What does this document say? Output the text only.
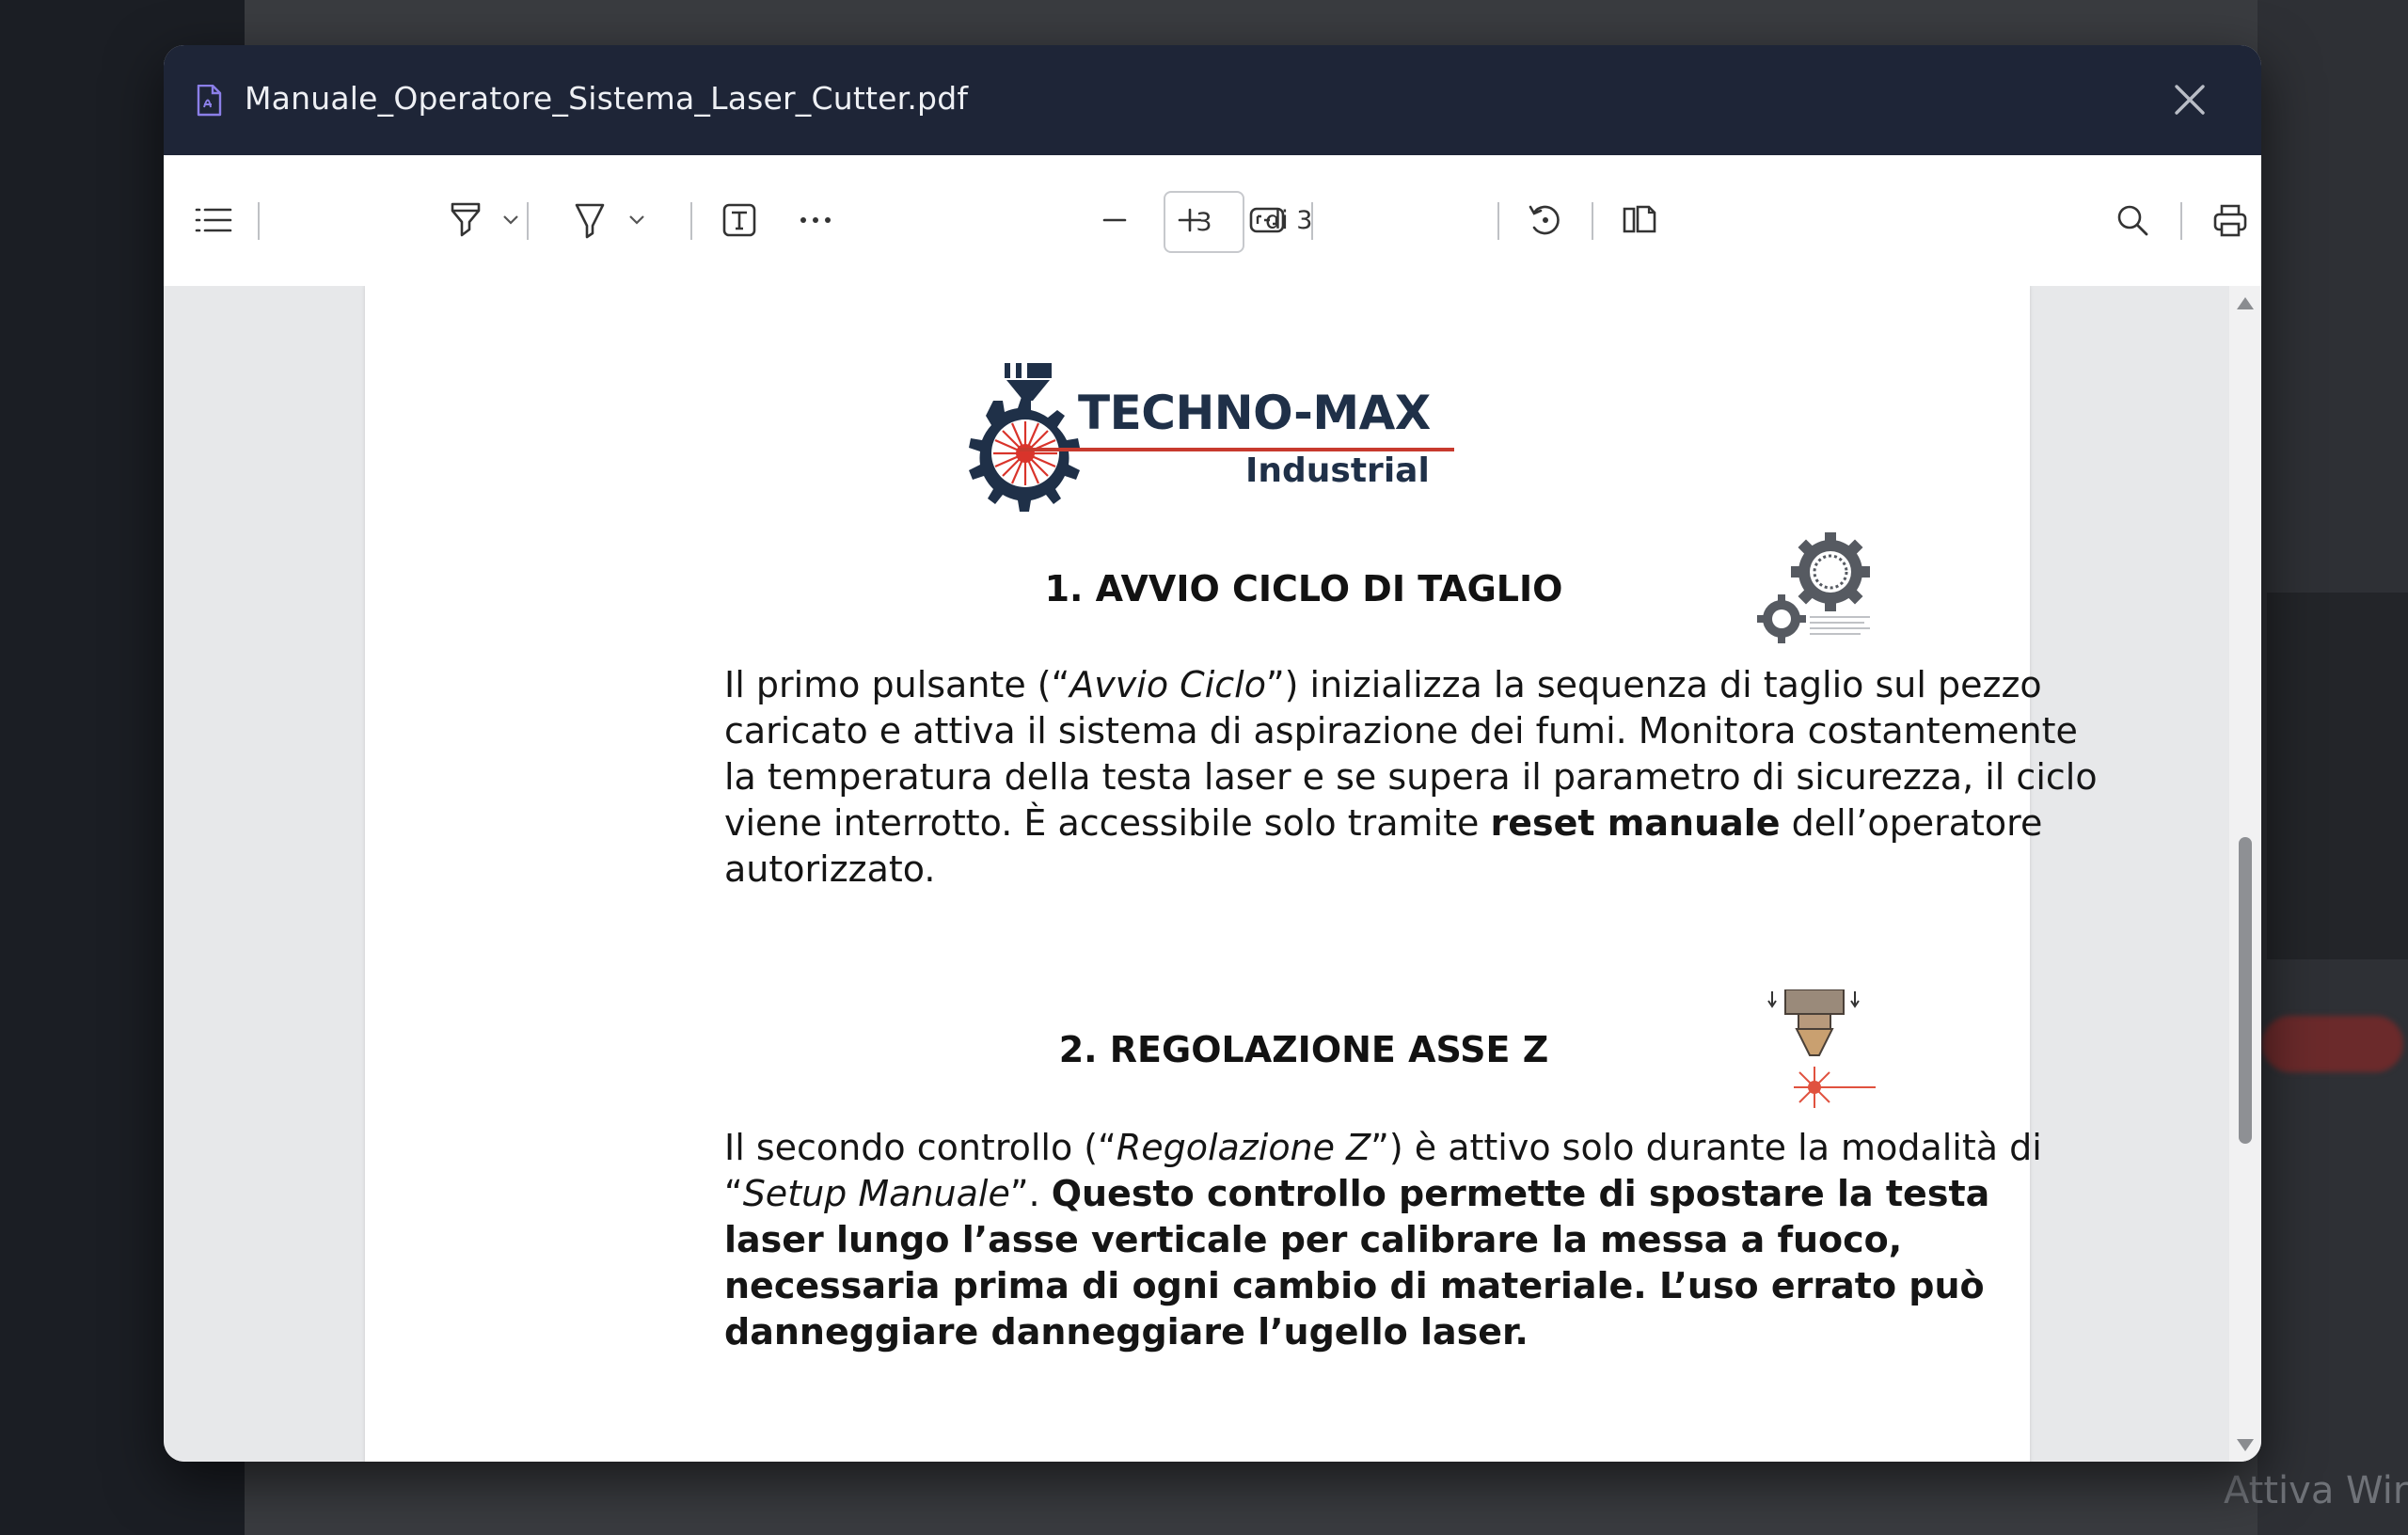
Attiva Wir
Manuale_Operatore_Sistema_Laser_Cutter.pdf
3	di 3
TECHNO-MAX
Industrial
1. AVVIO CICLO DI TAGLIO
Il primo pulsante (“Avvio Ciclo”) inizializza la sequenza di taglio sul pezzo caricato e attiva il sistema di aspirazione dei fumi. Monitora costantemente la temperatura della testa laser e se supera il parametro di sicurezza, il ciclo viene interrotto. È accessibile solo tramite reset manuale dell’operatore autorizzato.
2. REGOLAZIONE ASSE Z
Il secondo controllo (“Regolazione Z”) è attivo solo durante la modalità di “Setup Manuale”. Questo controllo permette di spostare la testa laser lungo l’asse verticale per calibrare la messa a fuoco, necessaria prima di ogni cambio di materiale. L’uso errato può danneggiare danneggiare l’ugello laser.
